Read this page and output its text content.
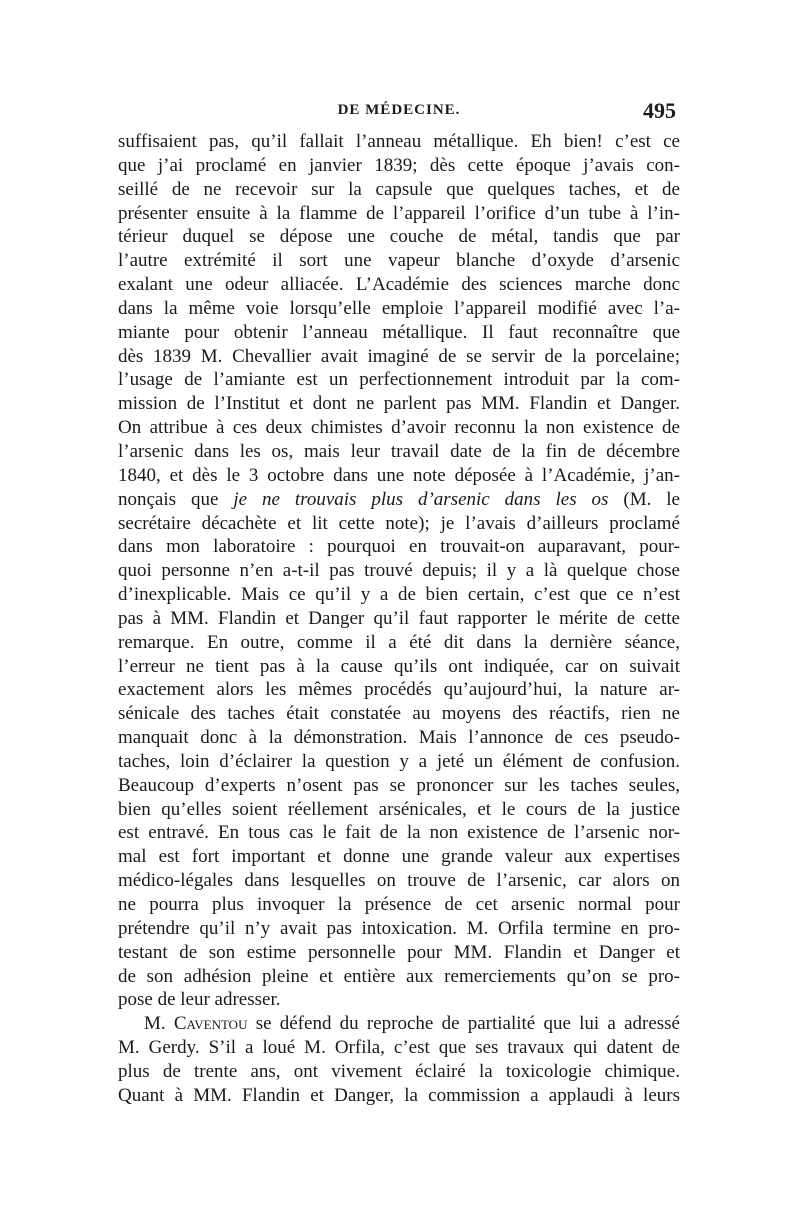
DE MÉDECINE.	495
suffisaient pas, qu’il fallait l’anneau métallique. Eh bien! c’est ce
que j’ai proclamé en janvier 1839; dès cette époque j’avais con-
seillé de ne recevoir sur la capsule que quelques taches, et de
présenter ensuite à la flamme de l’appareil l’orifice d’un tube à l’in-
térieur duquel se dépose une couche de métal, tandis que par
l’autre extrémité il sort une vapeur blanche d’oxyde d’arsenic
exalant une odeur alliacée. L’Académie des sciences marche donc
dans la même voie lorsqu’elle emploie l’appareil modifié avec l’a-
miante pour obtenir l’anneau métallique. Il faut reconnaître que
dès 1839 M. Chevallier avait imaginé de se servir de la porcelaine;
l’usage de l’amiante est un perfectionnement introduit par la com-
mission de l’Institut et dont ne parlent pas MM. Flandin et Danger.
On attribue à ces deux chimistes d’avoir reconnu la non existence de
l’arsenic dans les os, mais leur travail date de la fin de décembre
1840, et dès le 3 octobre dans une note déposée à l’Académie, j’an-
nonçais que je ne trouvais plus d’arsenic dans les os (M. le
secrétaire décachète et lit cette note); je l’avais d’ailleurs proclamé
dans mon laboratoire : pourquoi en trouvait-on auparavant, pour-
quoi personne n’en a-t-il pas trouvé depuis; il y a là quelque chose
d’inexplicable. Mais ce qu’il y a de bien certain, c’est que ce n’est
pas à MM. Flandin et Danger qu’il faut rapporter le mérite de cette
remarque. En outre, comme il a été dit dans la dernière séance,
l’erreur ne tient pas à la cause qu’ils ont indiquée, car on suivait
exactement alors les mêmes procédés qu’aujourd’hui, la nature ar-
sénicale des taches était constatée au moyens des réactifs, rien ne
manquait donc à la démonstration. Mais l’annonce de ces pseudo-
taches, loin d’éclairer la question y a jeté un élément de confusion.
Beaucoup d’experts n’osent pas se prononcer sur les taches seules,
bien qu’elles soient réellement arsénicales, et le cours de la justice
est entravé. En tous cas le fait de la non existence de l’arsenic nor-
mal est fort important et donne une grande valeur aux expertises
médico-légales dans lesquelles on trouve de l’arsenic, car alors on
ne pourra plus invoquer la présence de cet arsenic normal pour
prétendre qu’il n’y avait pas intoxication. M. Orfila termine en pro-
testant de son estime personnelle pour MM. Flandin et Danger et
de son adhésion pleine et entière aux remerciements qu’on se pro-
pose de leur adresser.
M. Caventou se défend du reproche de partialité que lui a adressé
M. Gerdy. S’il a loué M. Orfila, c’est que ses travaux qui datent de
plus de trente ans, ont vivement éclairé la toxicologie chimique.
Quant à MM. Flandin et Danger, la commission a applaudi à leurs
